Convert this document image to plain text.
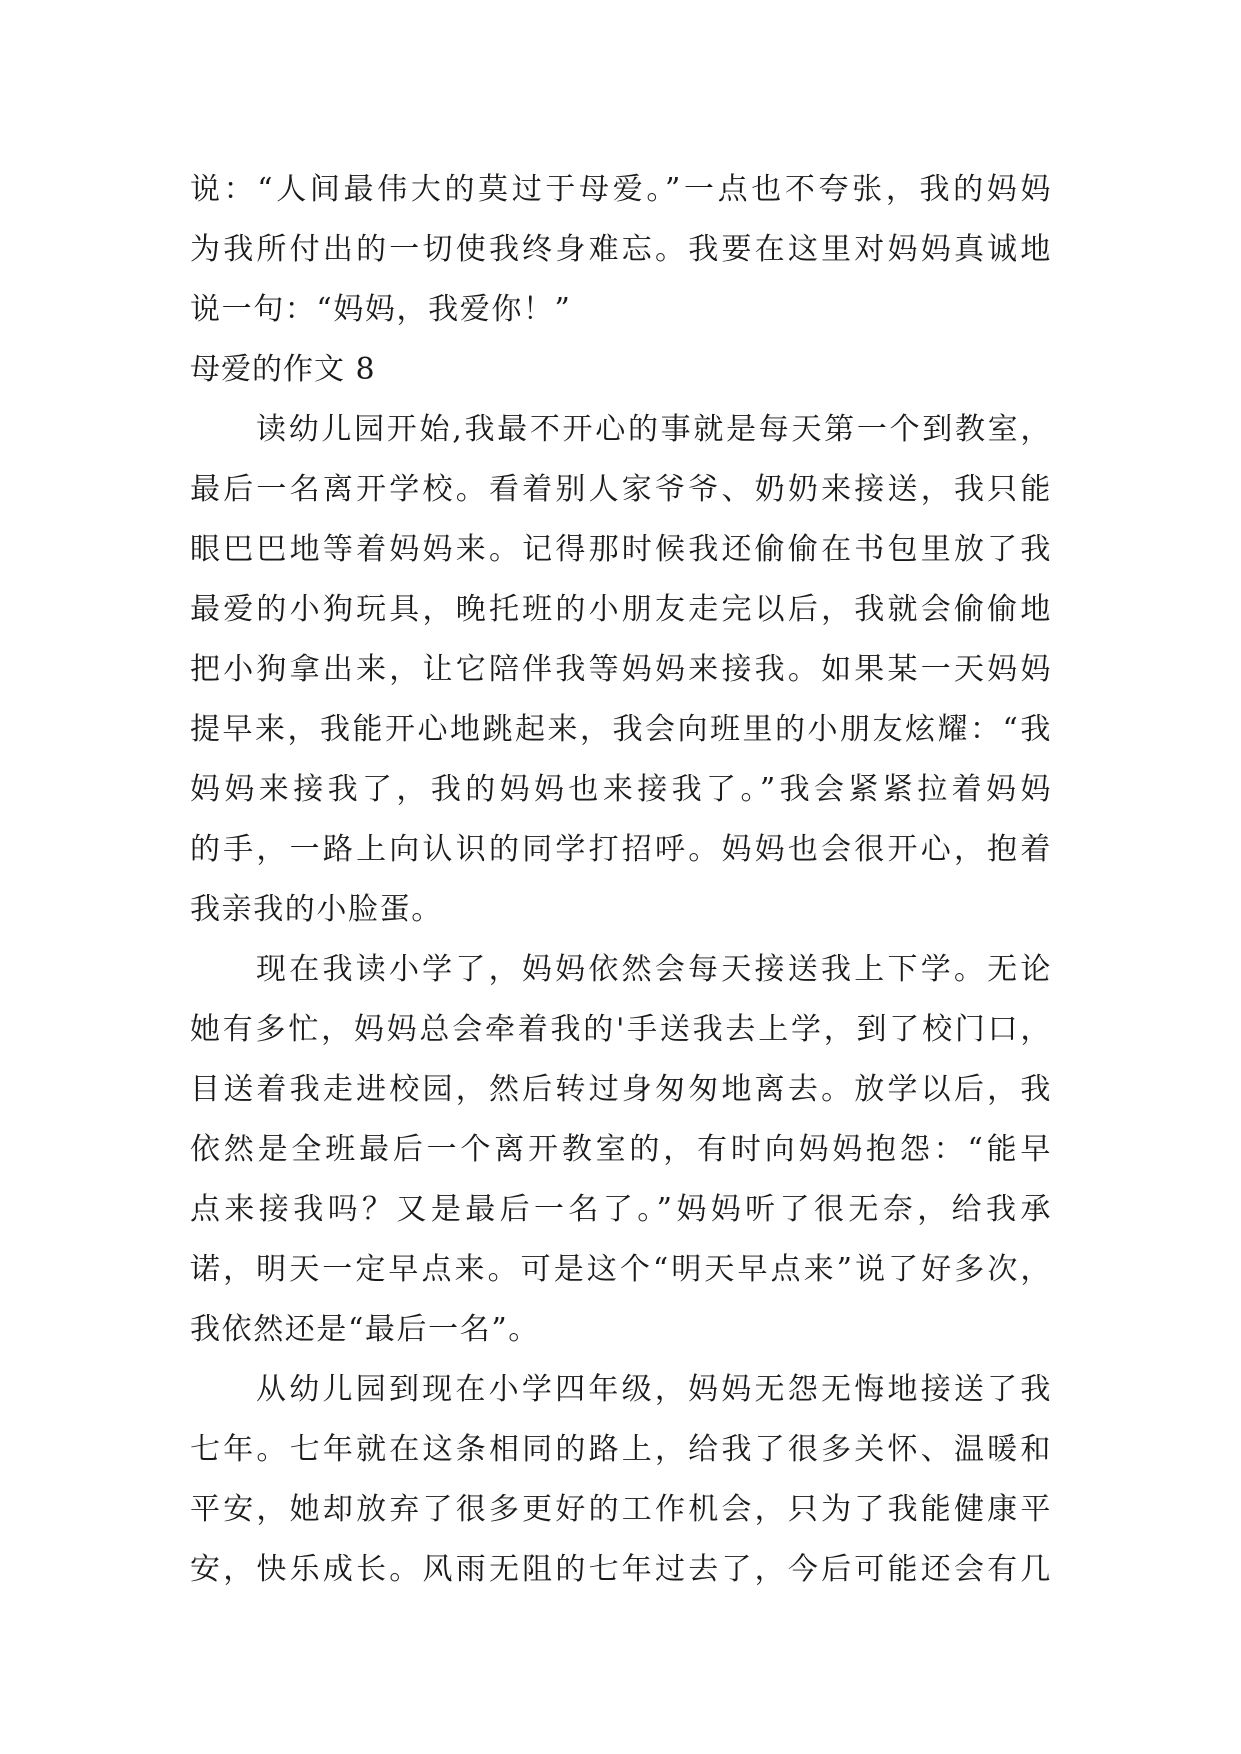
说：“人间最伟大的莫过于母爱。”一点也不夸张，我的妈妈
为我所付出的一切使我终身难忘。我要在这里对妈妈真诚地
说一句：“妈妈，我爱你！”
母爱的作文 8
读幼儿园开始,我最不开心的事就是每天第一个到教室，
最后一名离开学校。看着别人家爷爷、奶奶来接送，我只能
眼巴巴地等着妈妈来。记得那时候我还偷偷在书包里放了我
最爱的小狗玩具，晚托班的小朋友走完以后，我就会偷偷地
把小狗拿出来，让它陪伴我等妈妈来接我。如果某一天妈妈
提早来，我能开心地跳起来，我会向班里的小朋友炫耀：“我
妈妈来接我了，我的妈妈也来接我了。”我会紧紧拉着妈妈
的手，一路上向认识的同学打招呼。妈妈也会很开心，抱着
我亲我的小脸蛋。
现在我读小学了，妈妈依然会每天接送我上下学。无论
她有多忙，妈妈总会牵着我的'手送我去上学，到了校门口，
目送着我走进校园，然后转过身匆匆地离去。放学以后，我
依然是全班最后一个离开教室的，有时向妈妈抱怨：“能早
点来接我吗？又是最后一名了。”妈妈听了很无奈，给我承
诺，明天一定早点来。可是这个“明天早点来”说了好多次，
我依然还是“最后一名”。
从幼儿园到现在小学四年级，妈妈无怨无悔地接送了我
七年。七年就在这条相同的路上，给我了很多关怀、温暖和
平安，她却放弃了很多更好的工作机会，只为了我能健康平
安，快乐成长。风雨无阻的七年过去了，今后可能还会有几
